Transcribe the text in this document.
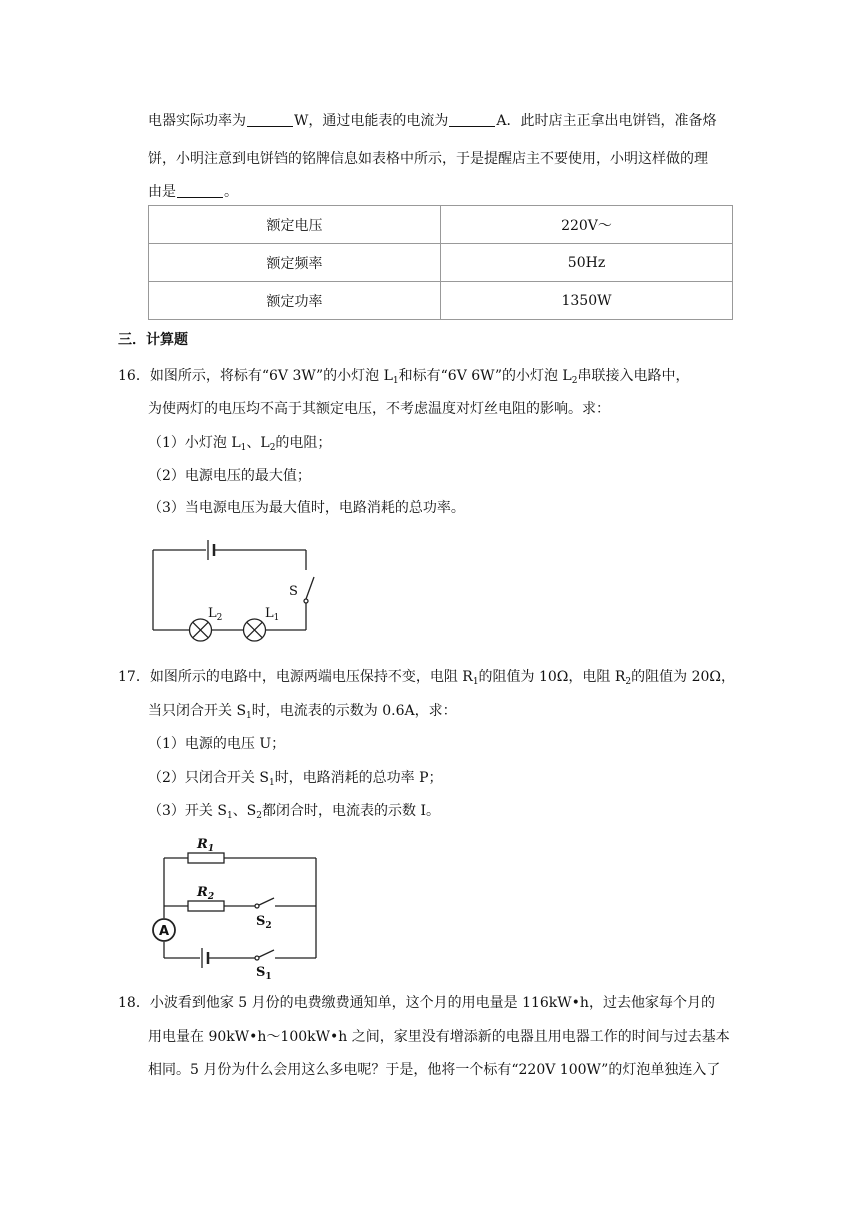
电器实际功率为	W，通过电能表的电流为	A．此时店主正拿出电饼铛，准备烙
饼，小明注意到电饼铛的铭牌信息如表格中所示，于是提醒店主不要使用，小明这样做的理
由是	。
额定电压	220V～
额定频率	50Hz
额定功率	1350W
三．计算题
16．如图所示，将标有“6V 3W”的小灯泡 $L_1$和标有“6V 6W”的小灯泡 $L_2$串联接入电路中，
为使两灯的电压均不高于其额定电压，不考虑温度对灯丝电阻的影响。求：
（1）小灯泡 $L_1$、$L_2$的电阻；
（2）电源电压的最大值；
（3）当电源电压为最大值时，电路消耗的总功率。
S
$L_2$	$L_1$
17．如图所示的电路中，电源两端电压保持不变，电阻 $R_1$的阻值为 10Ω，电阻 $R_2$的阻值为 20Ω，
当只闭合开关 $S_1$时，电流表的示数为 0.6A，求：
（1）电源的电压 U；
（2）只闭合开关 $S_1$时，电路消耗的总功率 P；
（3）开关 $S_1$、$S_2$都闭合时，电流表的示数 I。
A
$R_1$
$R_2$
$S_2$
$S_1$
18．小波看到他家 5 月份的电费缴费通知单，这个月的用电量是 116kW•h，过去他家每个月的
用电量在 90kW•h～100kW•h 之间，家里没有增添新的电器且用电器工作的时间与过去基本
相同。5 月份为什么会用这么多电呢？于是，他将一个标有“220V 100W”的灯泡单独连入了
